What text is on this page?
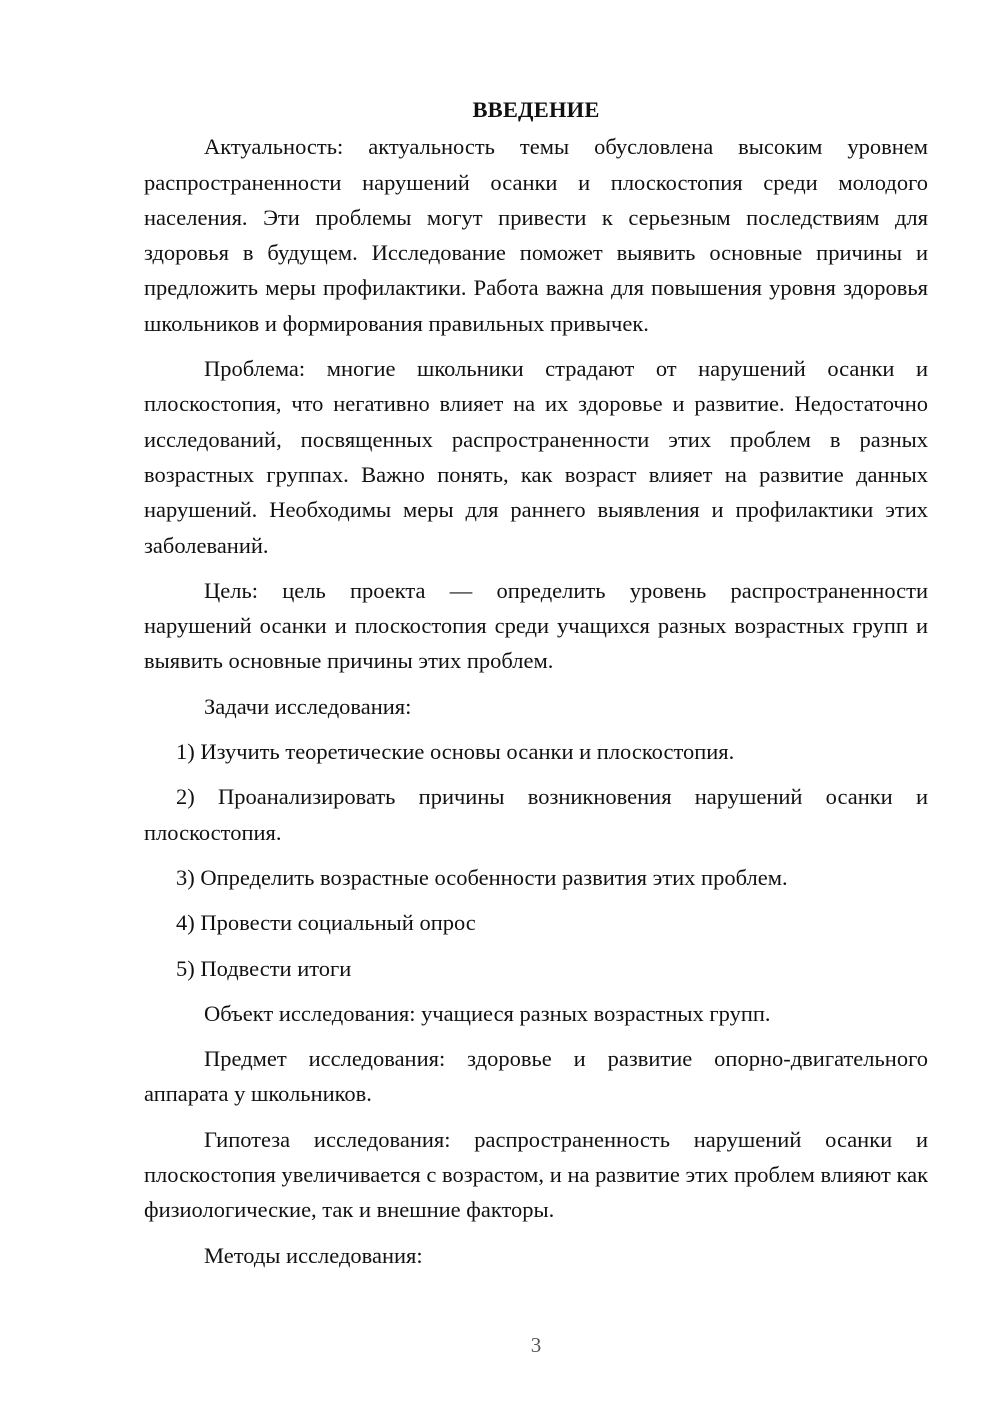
ВВЕДЕНИЕ

Актуальность: актуальность темы обусловлена высоким уровнем распространенности нарушений осанки и плоскостопия среди молодого населения. Эти проблемы могут привести к серьезным последствиям для здоровья в будущем. Исследование поможет выявить основные причины и предложить меры профилактики. Работа важна для повышения уровня здоровья школьников и формирования правильных привычек.

Проблема: многие школьники страдают от нарушений осанки и плоскостопия, что негативно влияет на их здоровье и развитие. Недостаточно исследований, посвященных распространенности этих проблем в разных возрастных группах. Важно понять, как возраст влияет на развитие данных нарушений. Необходимы меры для раннего выявления и профилактики этих заболеваний.

Цель: цель проекта — определить уровень распространенности нарушений осанки и плоскостопия среди учащихся разных возрастных групп и выявить основные причины этих проблем.

Задачи исследования:

1) Изучить теоретические основы осанки и плоскостопия.

2) Проанализировать причины возникновения нарушений осанки и плоскостопия.

3) Определить возрастные особенности развития этих проблем.

4) Провести социальный опрос

5) Подвести итоги

Объект исследования: учащиеся разных возрастных групп.

Предмет исследования: здоровье и развитие опорно-двигательного аппарата у школьников.

Гипотеза исследования: распространенность нарушений осанки и плоскостопия увеличивается с возрастом, и на развитие этих проблем влияют как физиологические, так и внешние факторы.

Методы исследования:

3
